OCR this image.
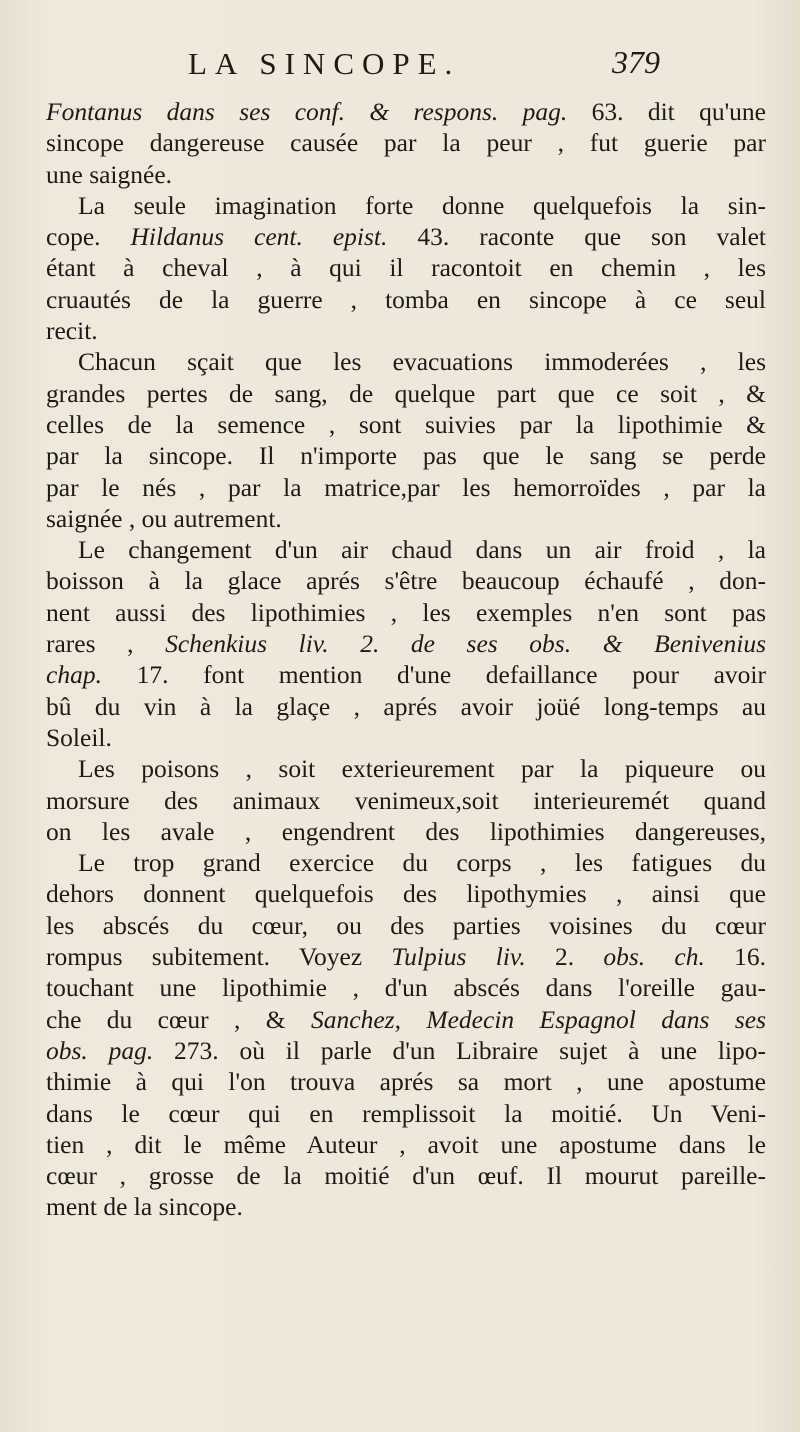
LA SINCOPE.	379
Fontanus dans ses conf. & respons. pag. 63. dit qu'une
sincope dangereuse causée par la peur , fut guerie par
une saignée.
La seule imagination forte donne quelquefois la sin-
cope. Hildanus cent. epist. 43. raconte que son valet
étant à cheval , à qui il racontoit en chemin , les
cruautés de la guerre , tomba en sincope à ce seul
recit.
Chacun sçait que les evacuations immoderées , les
grandes pertes de sang, de quelque part que ce soit , &
celles de la semence , sont suivies par la lipothimie &
par la sincope. Il n'importe pas que le sang se perde
par le nés , par la matrice,par les hemorroïdes , par la
saignée , ou autrement.
Le changement d'un air chaud dans un air froid , la
boisson à la glace aprés s'être beaucoup échaufé , don-
nent aussi des lipothimies , les exemples n'en sont pas
rares , Schenkius liv. 2. de ses obs. & Benivenius
chap. 17. font mention d'une defaillance pour avoir
bû du vin à la glaçe , aprés avoir joüé long-temps au
Soleil.
Les poisons , soit exterieurement par la piqueure ou
morsure des animaux venimeux,soit interieuremét quand
on les avale , engendrent des lipothimies dangereuses,
Le trop grand exercice du corps , les fatigues du
dehors donnent quelquefois des lipothymies , ainsi que
les abscés du cœur, ou des parties voisines du cœur
rompus subitement. Voyez Tulpius liv. 2. obs. ch. 16.
touchant une lipothimie , d'un abscés dans l'oreille gau-
che du cœur , & Sanchez, Medecin Espagnol dans ses
obs. pag. 273. où il parle d'un Libraire sujet à une lipo-
thimie à qui l'on trouva aprés sa mort , une apostume
dans le cœur qui en remplissoit la moitié. Un Veni-
tien , dit le même Auteur , avoit une apostume dans le
cœur , grosse de la moitié d'un œuf. Il mourut pareille-
ment de la sincope.
